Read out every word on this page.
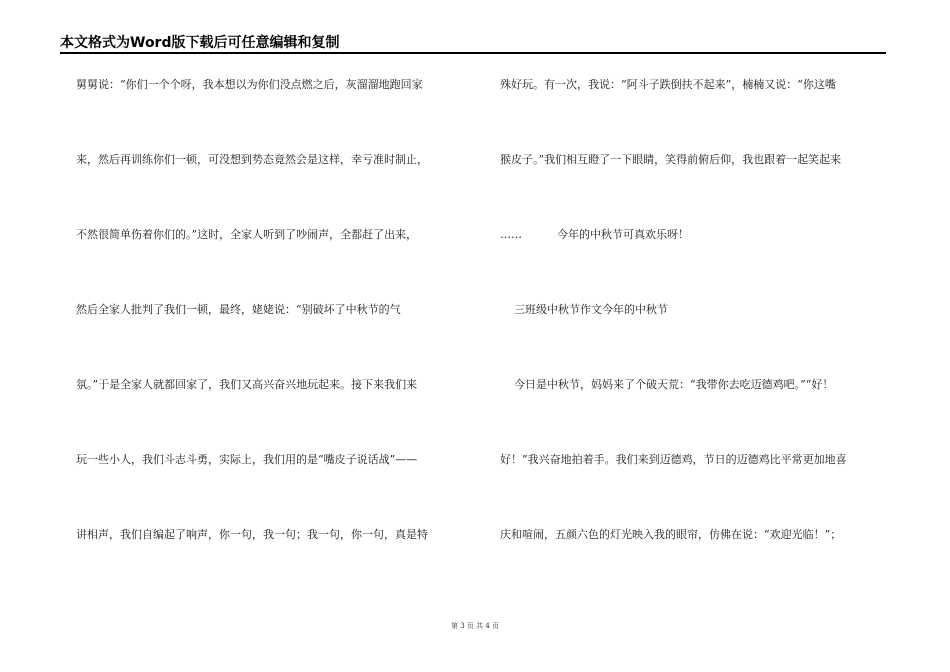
本文格式为Word版下载后可任意编辑和复制
舅舅说：“你们一个个呀，我本想以为你们没点燃之后，灰溜溜地跑回家
来，然后再训练你们一顿，可没想到势态竟然会是这样，幸亏准时制止，
不然很简单伤着你们的。”这时，全家人听到了吵闹声，全都赶了出来，
然后全家人批判了我们一顿，最终，姥姥说：“别破坏了中秋节的气
氛。”于是全家人就都回家了，我们又高兴奋兴地玩起来。接下来我们来
玩一些小人，我们斗志斗勇，实际上，我们用的是“嘴皮子说话战”——
讲相声，我们自编起了响声，你一句，我一句；我一句，你一句，真是特
殊好玩。有一次，我说：“阿斗子跌倒扶不起来”，楠楠又说：“你这嘴
猴皮子。”我们相互瞪了一下眼睛，笑得前俯后仰，我也跟着一起笑起来
……          今年的中秋节可真欢乐呀！
三班级中秋节作文今年的中秋节
今日是中秋节，妈妈来了个破天荒：“我带你去吃迈德鸡吧。”“好！
好！”我兴奋地拍着手。我们来到迈德鸡，节日的迈德鸡比平常更加地喜
庆和喧闹，五颜六色的灯光映入我的眼帘，仿佛在说：“欢迎光临！”；
第 3 页 共 4 页
